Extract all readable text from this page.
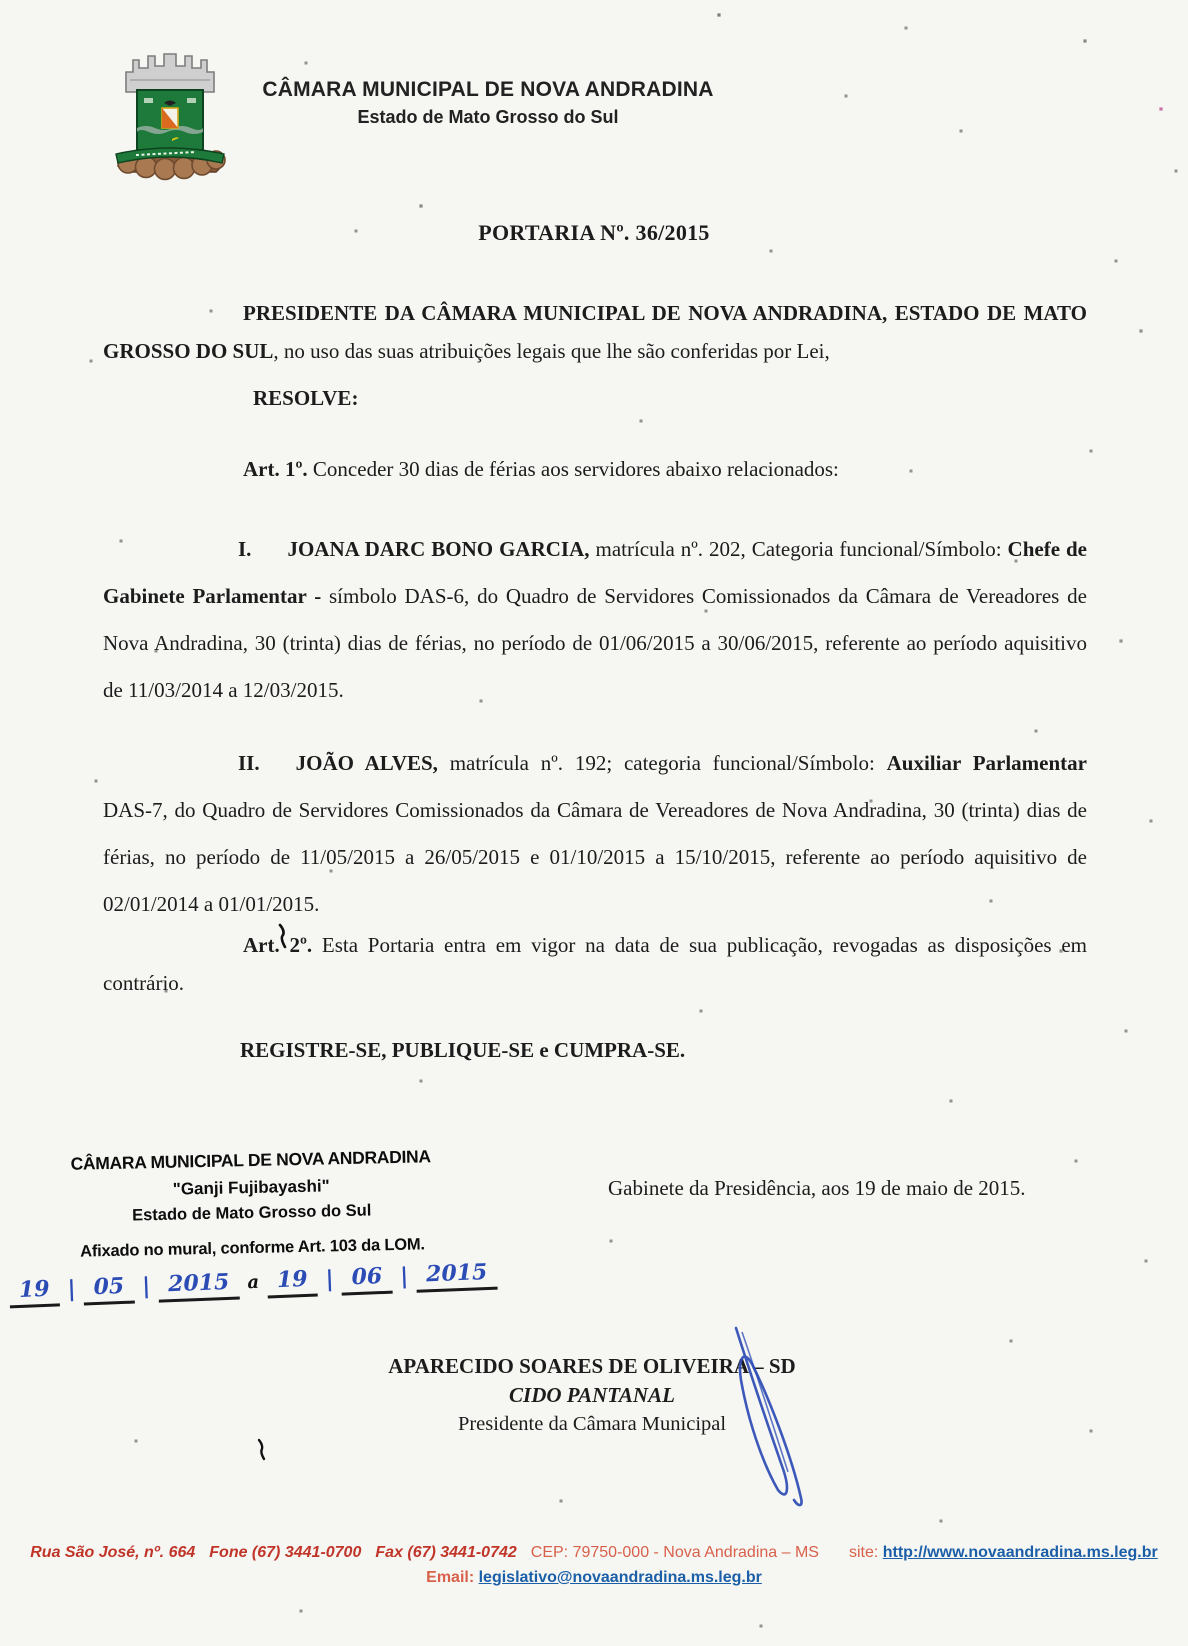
CÂMARA MUNICIPAL DE NOVA ANDRADINA
Estado de Mato Grosso do Sul
PORTARIA Nº. 36/2015
PRESIDENTE DA CÂMARA MUNICIPAL DE NOVA ANDRADINA, ESTADO DE MATO GROSSO DO SUL, no uso das suas atribuições legais que lhe são conferidas por Lei,
RESOLVE:
Art. 1º. Conceder 30 dias de férias aos servidores abaixo relacionados:
I. JOANA DARC BONO GARCIA, matrícula nº. 202, Categoria funcional/Símbolo: Chefe de Gabinete Parlamentar - símbolo DAS-6, do Quadro de Servidores Comissionados da Câmara de Vereadores de Nova Andradina, 30 (trinta) dias de férias, no período de 01/06/2015 a 30/06/2015, referente ao período aquisitivo de 11/03/2014 a 12/03/2015.
II. JOÃO ALVES, matrícula nº. 192; categoria funcional/Símbolo: Auxiliar Parlamentar DAS-7, do Quadro de Servidores Comissionados da Câmara de Vereadores de Nova Andradina, 30 (trinta) dias de férias, no período de 11/05/2015 a 26/05/2015 e 01/10/2015 a 15/10/2015, referente ao período aquisitivo de 02/01/2014 a 01/01/2015.
Art. 2º. Esta Portaria entra em vigor na data de sua publicação, revogadas as disposições em contrário.
REGISTRE-SE, PUBLIQUE-SE e CUMPRA-SE.
CÂMARA MUNICIPAL DE NOVA ANDRADINA
"Ganji Fujibayashi"
Estado de Mato Grosso do Sul
Afixado no mural, conforme Art. 103 da LOM.
19 | 05 | 2015 a 19 | 06 | 2015
Gabinete da Presidência, aos 19 de maio de 2015.
APARECIDO SOARES DE OLIVEIRA – SD
CIDO PANTANAL
Presidente da Câmara Municipal
Rua São José, nº. 664 Fone (67) 3441-0700 Fax (67) 3441-0742 CEP: 79750-000 - Nova Andradina – MS site: http://www.novaandradina.ms.leg.br
Email: legislativo@novaandradina.ms.leg.br
